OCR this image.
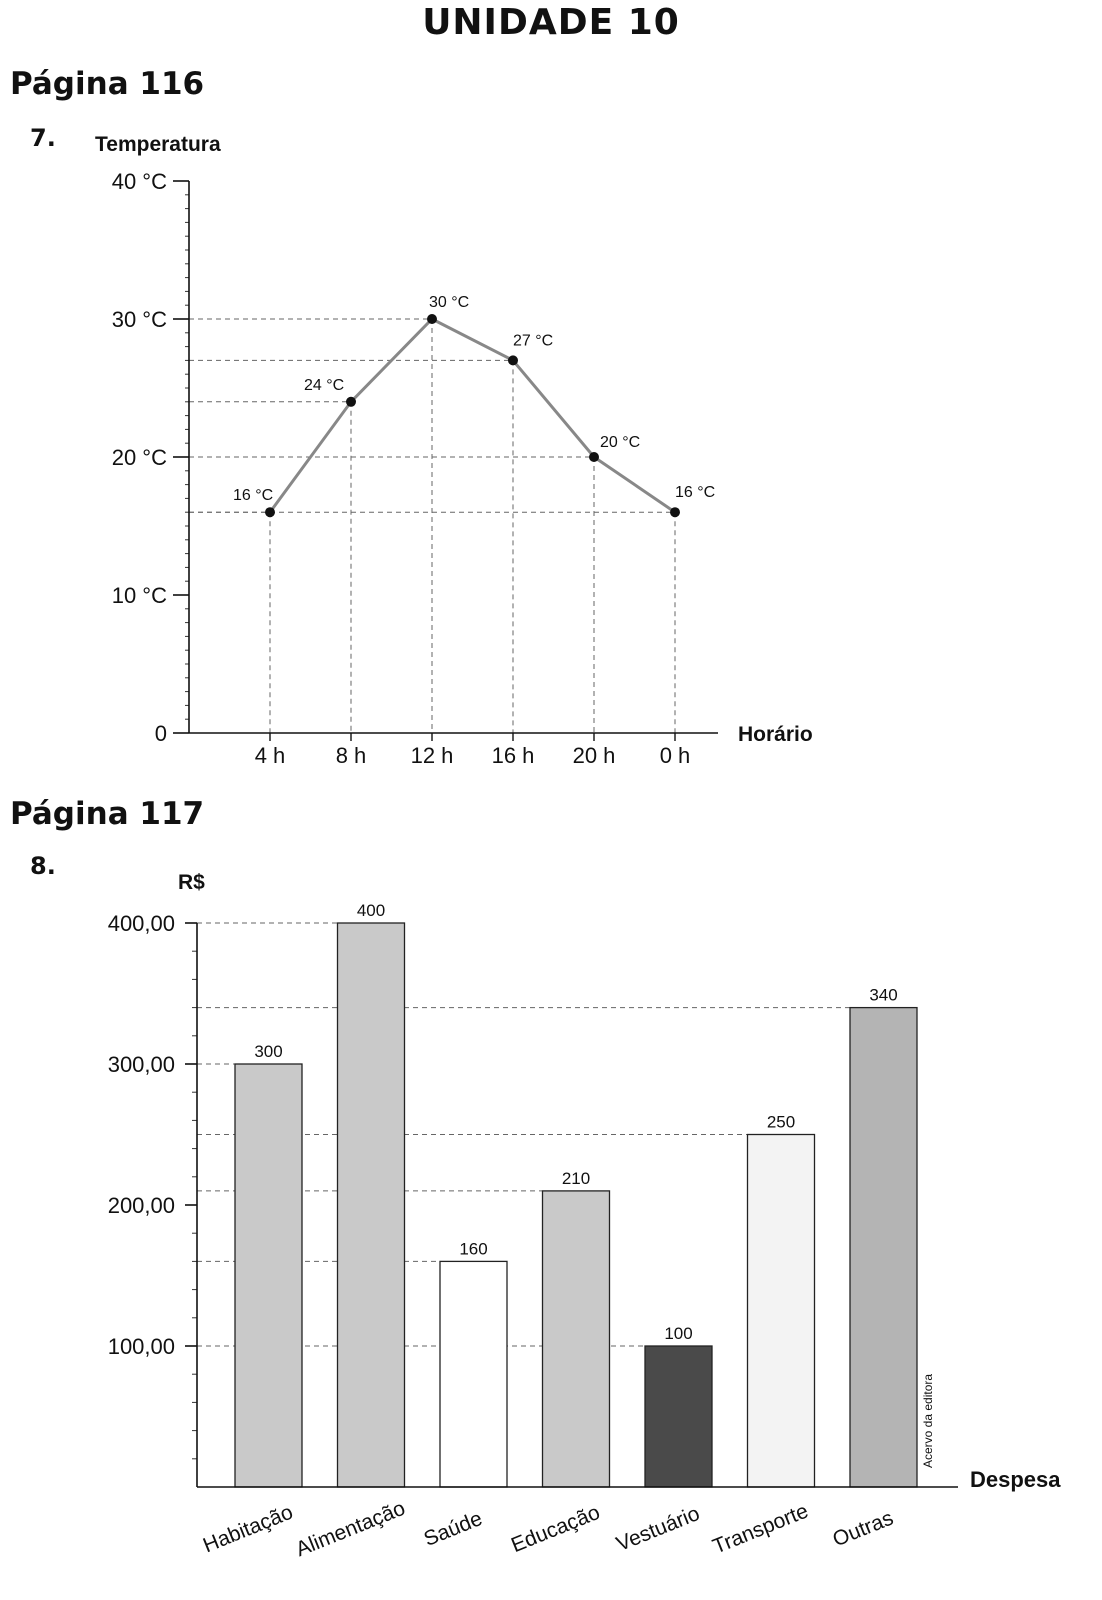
UNIDADE 10
Página 116
7.
Página 117
8.
Temperatura
Horário
0
10 °C
20 °C
30 °C
40 °C
4 h 8 h 12 h 16 h 20 h 0 h
16 °C
24 °C
30 °C
27 °C
20 °C
16 °C
R$
Despesa
Acervo da editora
300
Habitação
400
Alimentação
160
Saúde
210
Educação
100
Vestuário
250
Transporte
340
Outras
100,00
200,00
300,00
400,00
